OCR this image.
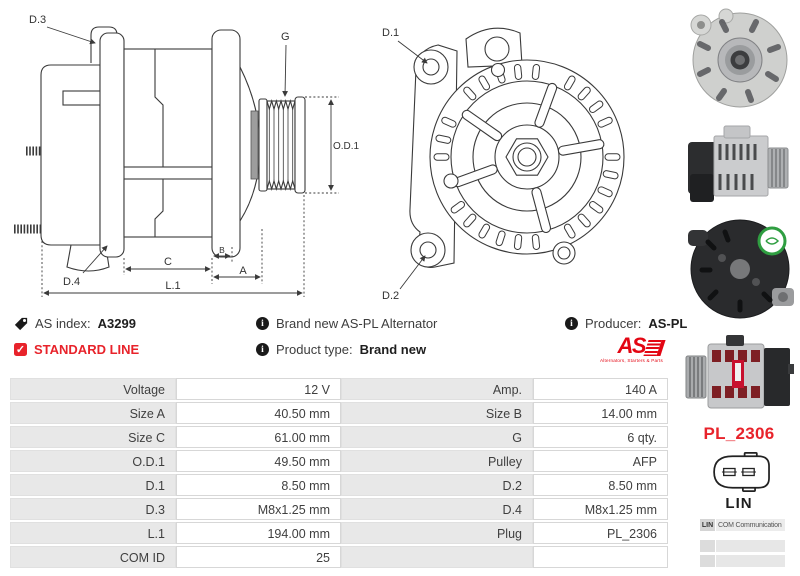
D.3
G
O.D.1
D.4
C
B
A
L.1
D.1
D.2
AS index: A3299
✓ STANDARD LINE
i Brand new AS-PL Alternator
i Product type: Brand new
i Producer: AS-PL
AS
Alternators, Starters & Parts
Voltage	12 V	Amp.	140 A
Size A	40.50 mm	Size B	14.00 mm
Size C	61.00 mm	G	6 qty.
O.D.1	49.50 mm	Pulley	AFP
D.1	8.50 mm	D.2	8.50 mm
D.3	M8x1.25 mm	D.4	M8x1.25 mm
L.1	194.00 mm	Plug	PL_2306
COM ID	25
PL_2306
LIN
LIN COM Communication
